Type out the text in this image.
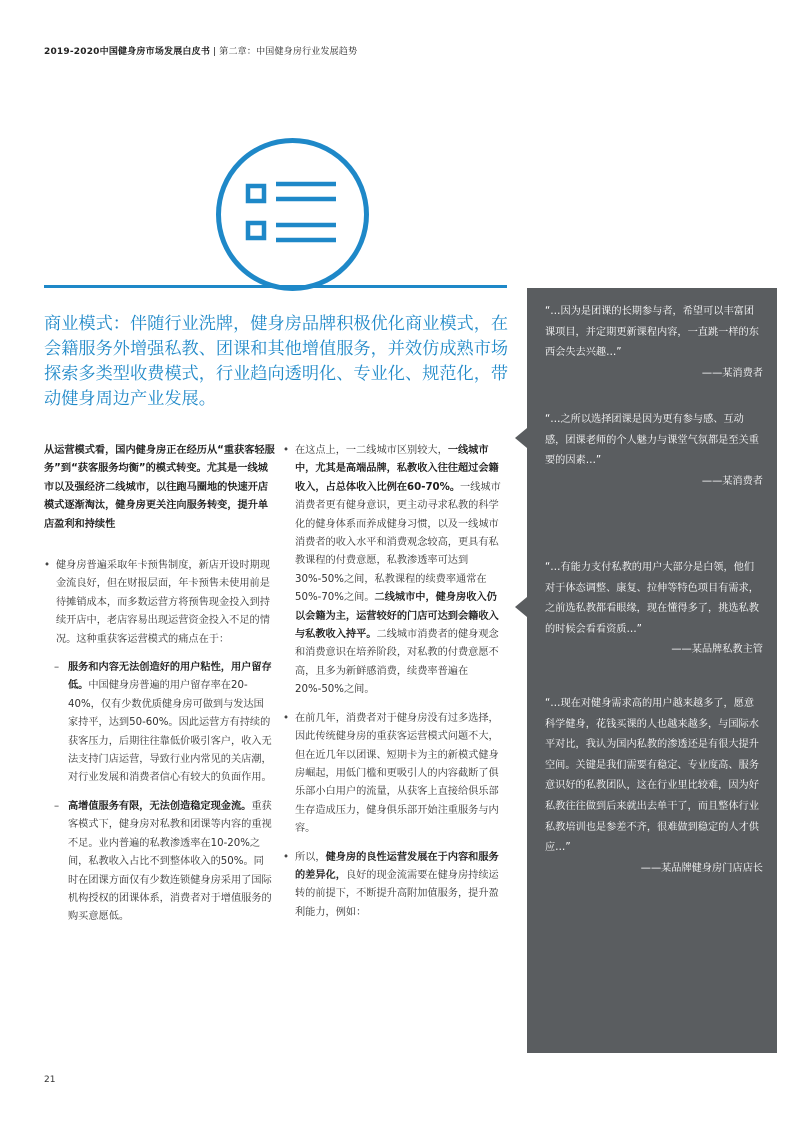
2019-2020中国健身房市场发展白皮书 | 第二章：中国健身房行业发展趋势
商业模式：伴随行业洗牌，健身房品牌积极优化商业模式，在会籍服务外增强私教、团课和其他增值服务，并效仿成熟市场探索多类型收费模式，行业趋向透明化、专业化、规范化，带动健身周边产业发展。
从运营模式看，国内健身房正在经历从“重获客轻服务”到“获客服务均衡”的模式转变。尤其是一线城市以及强经济二线城市，以往跑马圈地的快速开店模式逐渐淘汰，健身房更关注向服务转变，提升单店盈利和持续性
• 健身房普遍采取年卡预售制度，新店开设时期现金流良好，但在财报层面，年卡预售未使用前是待摊销成本，而多数运营方将预售现金投入到持续开店中，老店容易出现运营资金投入不足的情况。这种重获客运营模式的痛点在于：
– 服务和内容无法创造好的用户粘性，用户留存低。中国健身房普遍的用户留存率在20-40%，仅有少数优质健身房可做到与发达国家持平，达到50-60%。因此运营方有持续的获客压力，后期往往靠低价吸引客户，收入无法支持门店运营，导致行业内常见的关店潮，对行业发展和消费者信心有较大的负面作用。
– 高增值服务有限，无法创造稳定现金流。重获客模式下，健身房对私教和团课等内容的重视不足。业内普遍的私教渗透率在10-20%之间，私教收入占比不到整体收入的50%。同时在团课方面仅有少数连锁健身房采用了国际机构授权的团课体系，消费者对于增值服务的购买意愿低。
• 在这点上，一二线城市区别较大，一线城市中，尤其是高端品牌，私教收入往往超过会籍收入，占总体收入比例在60-70%。一线城市消费者更有健身意识，更主动寻求私教的科学化的健身体系而养成健身习惯，以及一线城市消费者的收入水平和消费观念较高，更具有私教课程的付费意愿，私教渗透率可达到30%-50%之间，私教课程的续费率通常在50%-70%之间。二线城市中，健身房收入仍以会籍为主，运营较好的门店可达到会籍收入与私教收入持平。二线城市消费者的健身观念和消费意识在培养阶段，对私教的付费意愿不高，且多为新鲜感消费，续费率普遍在20%-50%之间。
• 在前几年，消费者对于健身房没有过多选择，因此传统健身房的重获客运营模式问题不大，但在近几年以团课、短期卡为主的新模式健身房崛起，用低门槛和更吸引人的内容截断了俱乐部小白用户的流量，从获客上直接给俱乐部生存造成压力，健身俱乐部开始注重服务与内容。
• 所以，健身房的良性运营发展在于内容和服务的差异化，良好的现金流需要在健身房持续运转的前提下，不断提升高附加值服务，提升盈利能力，例如：
“…因为是团课的长期参与者，希望可以丰富团课项目，并定期更新课程内容，一直跳一样的东西会失去兴趣…”
——某消费者
“…之所以选择团课是因为更有参与感、互动感，团课老师的个人魅力与课堂气氛都是至关重要的因素…”
——某消费者
“…有能力支付私教的用户大部分是白领，他们对于体态调整、康复、拉伸等特色项目有需求，之前选私教都看眼缘，现在懂得多了，挑选私教的时候会看看资质…”
——某品牌私教主管
“…现在对健身需求高的用户越来越多了，愿意科学健身，花钱买课的人也越来越多，与国际水平对比，我认为国内私教的渗透还是有很大提升空间。关键是我们需要有稳定、专业度高、服务意识好的私教团队，这在行业里比较难，因为好私教往往做到后来就出去单干了，而且整体行业私教培训也是参差不齐，很难做到稳定的人才供应…”
——某品牌健身房门店店长
21
